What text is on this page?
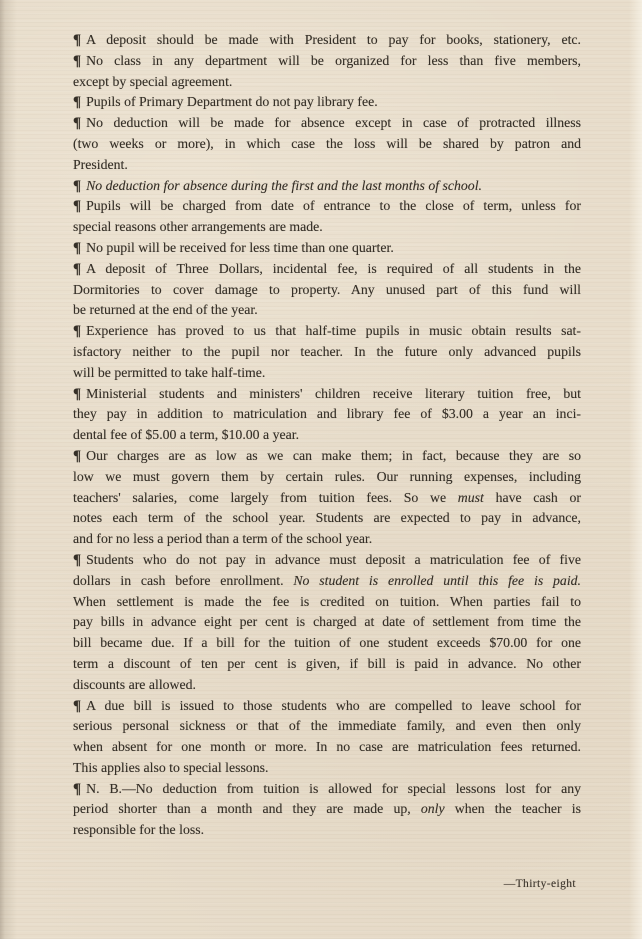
¶ A deposit should be made with President to pay for books, stationery, etc.
¶ No class in any department will be organized for less than five members,
except by special agreement.
¶ Pupils of Primary Department do not pay library fee.
¶ No deduction will be made for absence except in case of protracted illness
(two weeks or more), in which case the loss will be shared by patron and
President.
¶ No deduction for absence during the first and the last months of school.
¶ Pupils will be charged from date of entrance to the close of term, unless for
special reasons other arrangements are made.
¶ No pupil will be received for less time than one quarter.
¶ A deposit of Three Dollars, incidental fee, is required of all students in the
Dormitories to cover damage to property. Any unused part of this fund will
be returned at the end of the year.
¶ Experience has proved to us that half-time pupils in music obtain results sat-
isfactory neither to the pupil nor teacher. In the future only advanced pupils
will be permitted to take half-time.
¶ Ministerial students and ministers' children receive literary tuition free, but
they pay in addition to matriculation and library fee of $3.00 a year an inci-
dental fee of $5.00 a term, $10.00 a year.
¶ Our charges are as low as we can make them; in fact, because they are so
low we must govern them by certain rules. Our running expenses, including
teachers' salaries, come largely from tuition fees. So we must have cash or
notes each term of the school year. Students are expected to pay in advance,
and for no less a period than a term of the school year.
¶ Students who do not pay in advance must deposit a matriculation fee of five
dollars in cash before enrollment. No student is enrolled until this fee is paid.
When settlement is made the fee is credited on tuition. When parties fail to
pay bills in advance eight per cent is charged at date of settlement from time the
bill became due. If a bill for the tuition of one student exceeds $70.00 for one
term a discount of ten per cent is given, if bill is paid in advance. No other
discounts are allowed.
¶ A due bill is issued to those students who are compelled to leave school for
serious personal sickness or that of the immediate family, and even then only
when absent for one month or more. In no case are matriculation fees returned.
This applies also to special lessons.
¶ N. B.—No deduction from tuition is allowed for special lessons lost for any
period shorter than a month and they are made up, only when the teacher is
responsible for the loss.
—Thirty-eight
